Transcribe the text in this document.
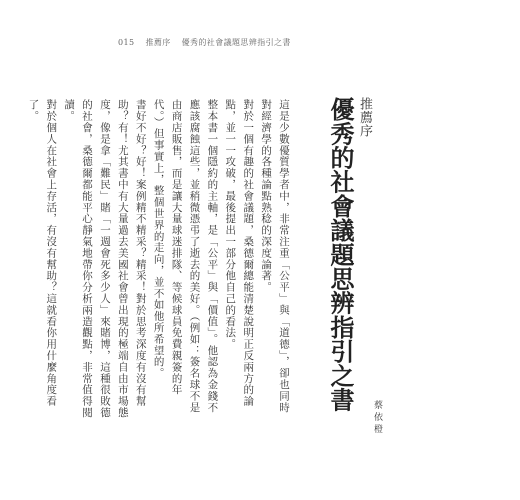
015 推薦序 優秀的社會議題思辨指引之書
推薦序
優秀的社會議題思辨指引之書
蔡依橙

這是少數優質學者中，非常注重「公平」與「道德」，卻也同時對經濟學的各種論點熟稔的深度論著。

對於一個有趣的社會議題，桑德爾總能清楚說明正反兩方的論點，並一一攻破，最後提出一部分他自己的看法。

整本書一個隱約的主軸，是「公平」與「價值」。他認為金錢不應該腐蝕這些，並稍微憑弔了逝去的美好。（例如：簽名球不是由商店販售，而是讓大量球迷排隊、等候球員免費親簽的年代。）但事實上，整個世界的走向，並不如他所希望的。

書好不好？好！案例精不精采？精采！對於思考深度有沒有幫助？有！尤其書中有大量過去美國社會曾出現的極端自由市場態度，像是拿「難民」賭「一週會死多少人」來賭博，這種很敗德的社會，桑德爾都能平心靜氣地帶你分析兩造觀點，非常值得閱讀。

對於個人在社會上存活，有沒有幫助？這就看你用什麼角度看了。
